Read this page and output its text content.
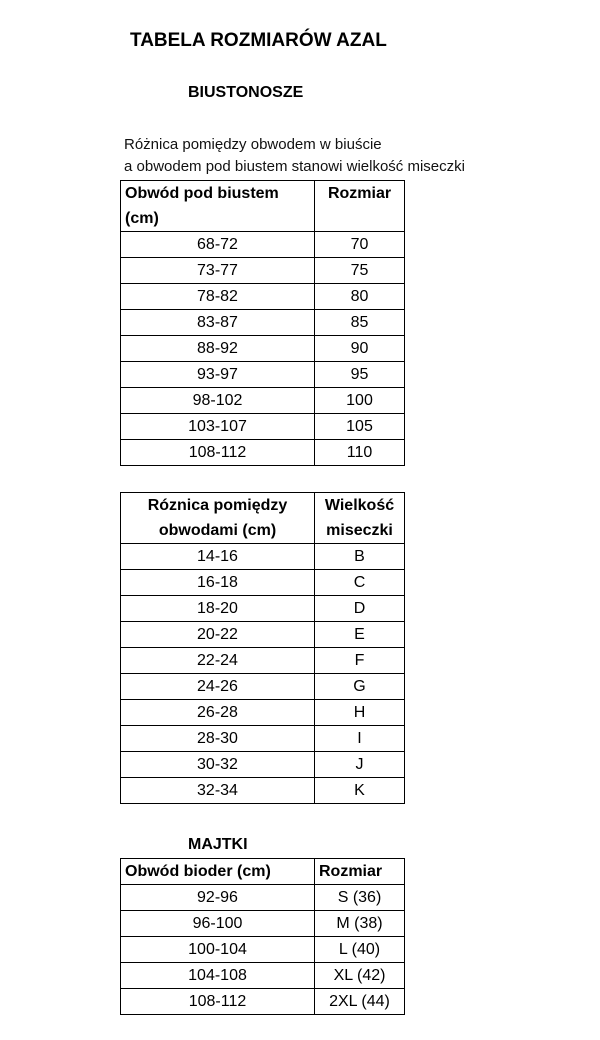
TABELA ROZMIARÓW AZAL
BIUSTONOSZE
Różnica pomiędzy obwodem w biuście
a obwodem pod biustem stanowi wielkość miseczki
Obwód pod biustem	Rozmiar
(cm)	
68-72	70
73-77	75
78-82	80
83-87	85
88-92	90
93-97	95
98-102	100
103-107	105
108-112	110
Róznica pomiędzy	Wielkość
obwodami (cm)	miseczki
14-16	B
16-18	C
18-20	D
20-22	E
22-24	F
24-26	G
26-28	H
28-30	I
30-32	J
32-34	K
MAJTKI
Obwód bioder (cm)	Rozmiar
92-96	S (36)
96-100	M (38)
100-104	L (40)
104-108	XL (42)
108-112	2XL (44)
